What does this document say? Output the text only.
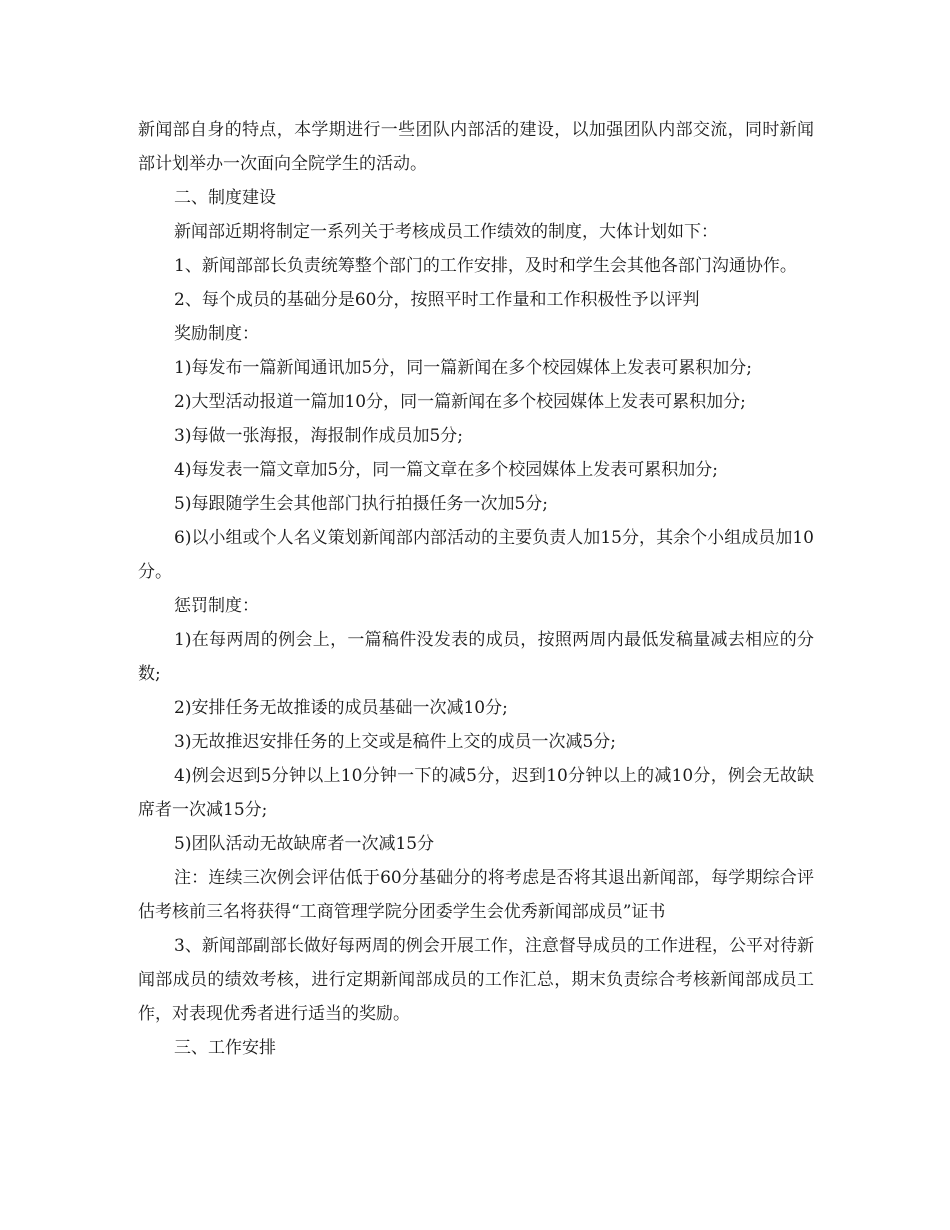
新闻部自身的特点，本学期进行一些团队内部活的建设，以加强团队内部交流，同时新闻部计划举办一次面向全院学生的活动。

二、制度建设

新闻部近期将制定一系列关于考核成员工作绩效的制度，大体计划如下：

1、新闻部部长负责统筹整个部门的工作安排，及时和学生会其他各部门沟通协作。

2、每个成员的基础分是60分，按照平时工作量和工作积极性予以评判

奖励制度：

1)每发布一篇新闻通讯加5分，同一篇新闻在多个校园媒体上发表可累积加分;

2)大型活动报道一篇加10分，同一篇新闻在多个校园媒体上发表可累积加分;

3)每做一张海报，海报制作成员加5分;

4)每发表一篇文章加5分，同一篇文章在多个校园媒体上发表可累积加分;

5)每跟随学生会其他部门执行拍摄任务一次加5分;

6)以小组或个人名义策划新闻部内部活动的主要负责人加15分，其余个小组成员加10分。

惩罚制度：

1)在每两周的例会上，一篇稿件没发表的成员，按照两周内最低发稿量减去相应的分数;

2)安排任务无故推诿的成员基础一次减10分;

3)无故推迟安排任务的上交或是稿件上交的成员一次减5分;

4)例会迟到5分钟以上10分钟一下的减5分，迟到10分钟以上的减10分，例会无故缺席者一次减15分;

5)团队活动无故缺席者一次减15分

注：连续三次例会评估低于60分基础分的将考虑是否将其退出新闻部，每学期综合评估考核前三名将获得“工商管理学院分团委学生会优秀新闻部成员”证书

3、新闻部副部长做好每两周的例会开展工作，注意督导成员的工作进程，公平对待新闻部成员的绩效考核，进行定期新闻部成员的工作汇总，期末负责综合考核新闻部成员工作，对表现优秀者进行适当的奖励。

三、工作安排
